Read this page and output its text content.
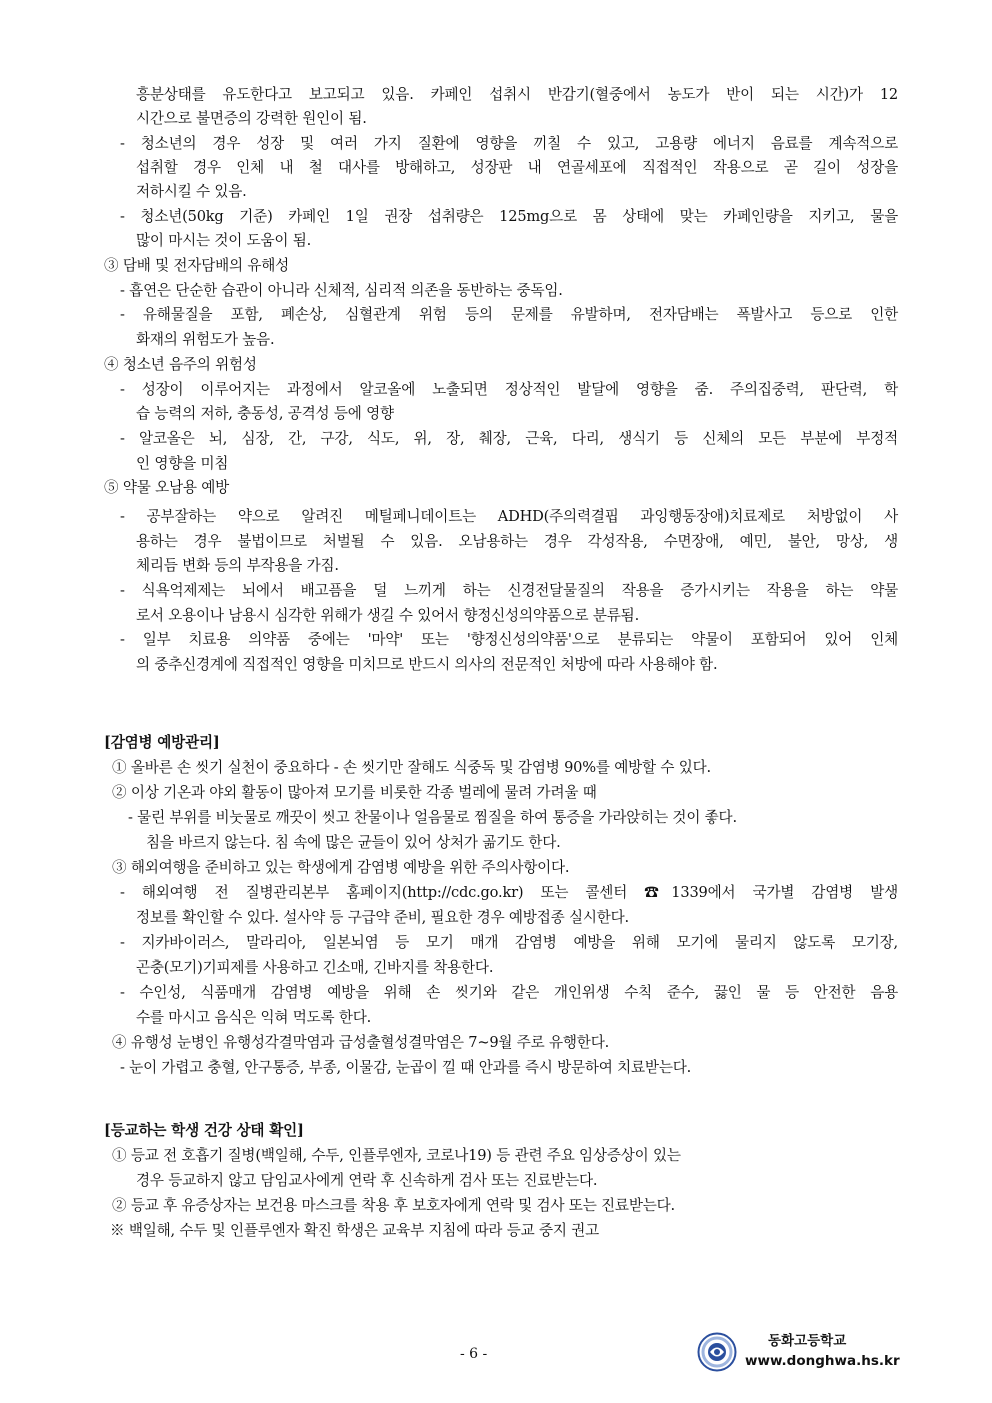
흥분상태를 유도한다고 보고되고 있음. 카페인 섭취시 반감기(혈중에서 농도가 반이 되는 시간)가 12
시간으로 불면증의 강력한 원인이 됨.
- 청소년의 경우 성장 및 여러 가지 질환에 영향을 끼칠 수 있고, 고용량 에너지 음료를 계속적으로
섭취할 경우 인체 내 철 대사를 방해하고, 성장판 내 연골세포에 직접적인 작용으로 곧 길이 성장을
저하시킬 수 있음.
- 청소년(50kg 기준) 카페인 1일 권장 섭취량은 125mg으로 몸 상태에 맞는 카페인량을 지키고, 물을
많이 마시는 것이 도움이 됨.
③ 담배 및 전자담배의 유해성
- 흡연은 단순한 습관이 아니라 신체적, 심리적 의존을 동반하는 중독임.
- 유해물질을 포함, 폐손상, 심혈관계 위험 등의 문제를 유발하며, 전자담배는 폭발사고 등으로 인한
화재의 위험도가 높음.
④ 청소년 음주의 위험성
- 성장이 이루어지는 과정에서 알코올에 노출되면 정상적인 발달에 영향을 줌. 주의집중력, 판단력, 학
습 능력의 저하, 충동성, 공격성 등에 영향
- 알코올은 뇌, 심장, 간, 구강, 식도, 위, 장, 췌장, 근육, 다리, 생식기 등 신체의 모든 부분에 부정적
인 영향을 미침
⑤ 약물 오남용 예방
- 공부잘하는 약으로 알려진 메틸페니데이트는 ADHD(주의력결핍 과잉행동장애)치료제로 처방없이 사
용하는 경우 불법이므로 처벌될 수 있음. 오남용하는 경우 각성작용, 수면장애, 예민, 불안, 망상, 생
체리듬 변화 등의 부작용을 가짐.
- 식욕억제제는 뇌에서 배고픔을 덜 느끼게 하는 신경전달물질의 작용을 증가시키는 작용을 하는 약물
로서 오용이나 남용시 심각한 위해가 생길 수 있어서 향정신성의약품으로 분류됨.
- 일부 치료용 의약품 중에는 '마약' 또는 '향정신성의약품'으로 분류되는 약물이 포함되어 있어 인체
의 중추신경계에 직접적인 영향을 미치므로 반드시 의사의 전문적인 처방에 따라 사용해야 함.
[감염병 예방관리]
① 올바른 손 씻기 실천이 중요하다 - 손 씻기만 잘해도 식중독 및 감염병 90%를 예방할 수 있다.
② 이상 기온과 야외 활동이 많아져 모기를 비롯한 각종 벌레에 물려 가려울 때
- 물린 부위를 비눗물로 깨끗이 씻고 찬물이나 얼음물로 찜질을 하여 통증을 가라앉히는 것이 좋다.
침을 바르지 않는다. 침 속에 많은 균들이 있어 상처가 곪기도 한다.
③ 해외여행을 준비하고 있는 학생에게 감염병 예방을 위한 주의사항이다.
- 해외여행 전 질병관리본부 홈페이지(http://cdc.go.kr) 또는 콜센터 ☎1339에서 국가별 감염병 발생
정보를 확인할 수 있다. 설사약 등 구급약 준비, 필요한 경우 예방접종 실시한다.
- 지카바이러스, 말라리아, 일본뇌염 등 모기 매개 감염병 예방을 위해 모기에 물리지 않도록 모기장,
곤충(모기)기피제를 사용하고 긴소매, 긴바지를 착용한다.
- 수인성, 식품매개 감염병 예방을 위해 손 씻기와 같은 개인위생 수칙 준수, 끓인 물 등 안전한 음용
수를 마시고 음식은 익혀 먹도록 한다.
④ 유행성 눈병인 유행성각결막염과 급성출혈성결막염은 7~9월 주로 유행한다.
- 눈이 가렵고 충혈, 안구통증, 부종, 이물감, 눈곱이 낄 때 안과를 즉시 방문하여 치료받는다.
[등교하는 학생 건강 상태 확인]
① 등교 전 호흡기 질병(백일해, 수두, 인플루엔자, 코로나19) 등 관련 주요 임상증상이 있는
경우 등교하지 않고 담임교사에게 연락 후 신속하게 검사 또는 진료받는다.
② 등교 후 유증상자는 보건용 마스크를 착용 후 보호자에게 연락 및 검사 또는 진료받는다.
※ 백일해, 수두 및 인플루엔자 확진 학생은 교육부 지침에 따라 등교 중지 권고
- 6 -
동화고등학교
www.donghwa.hs.kr
